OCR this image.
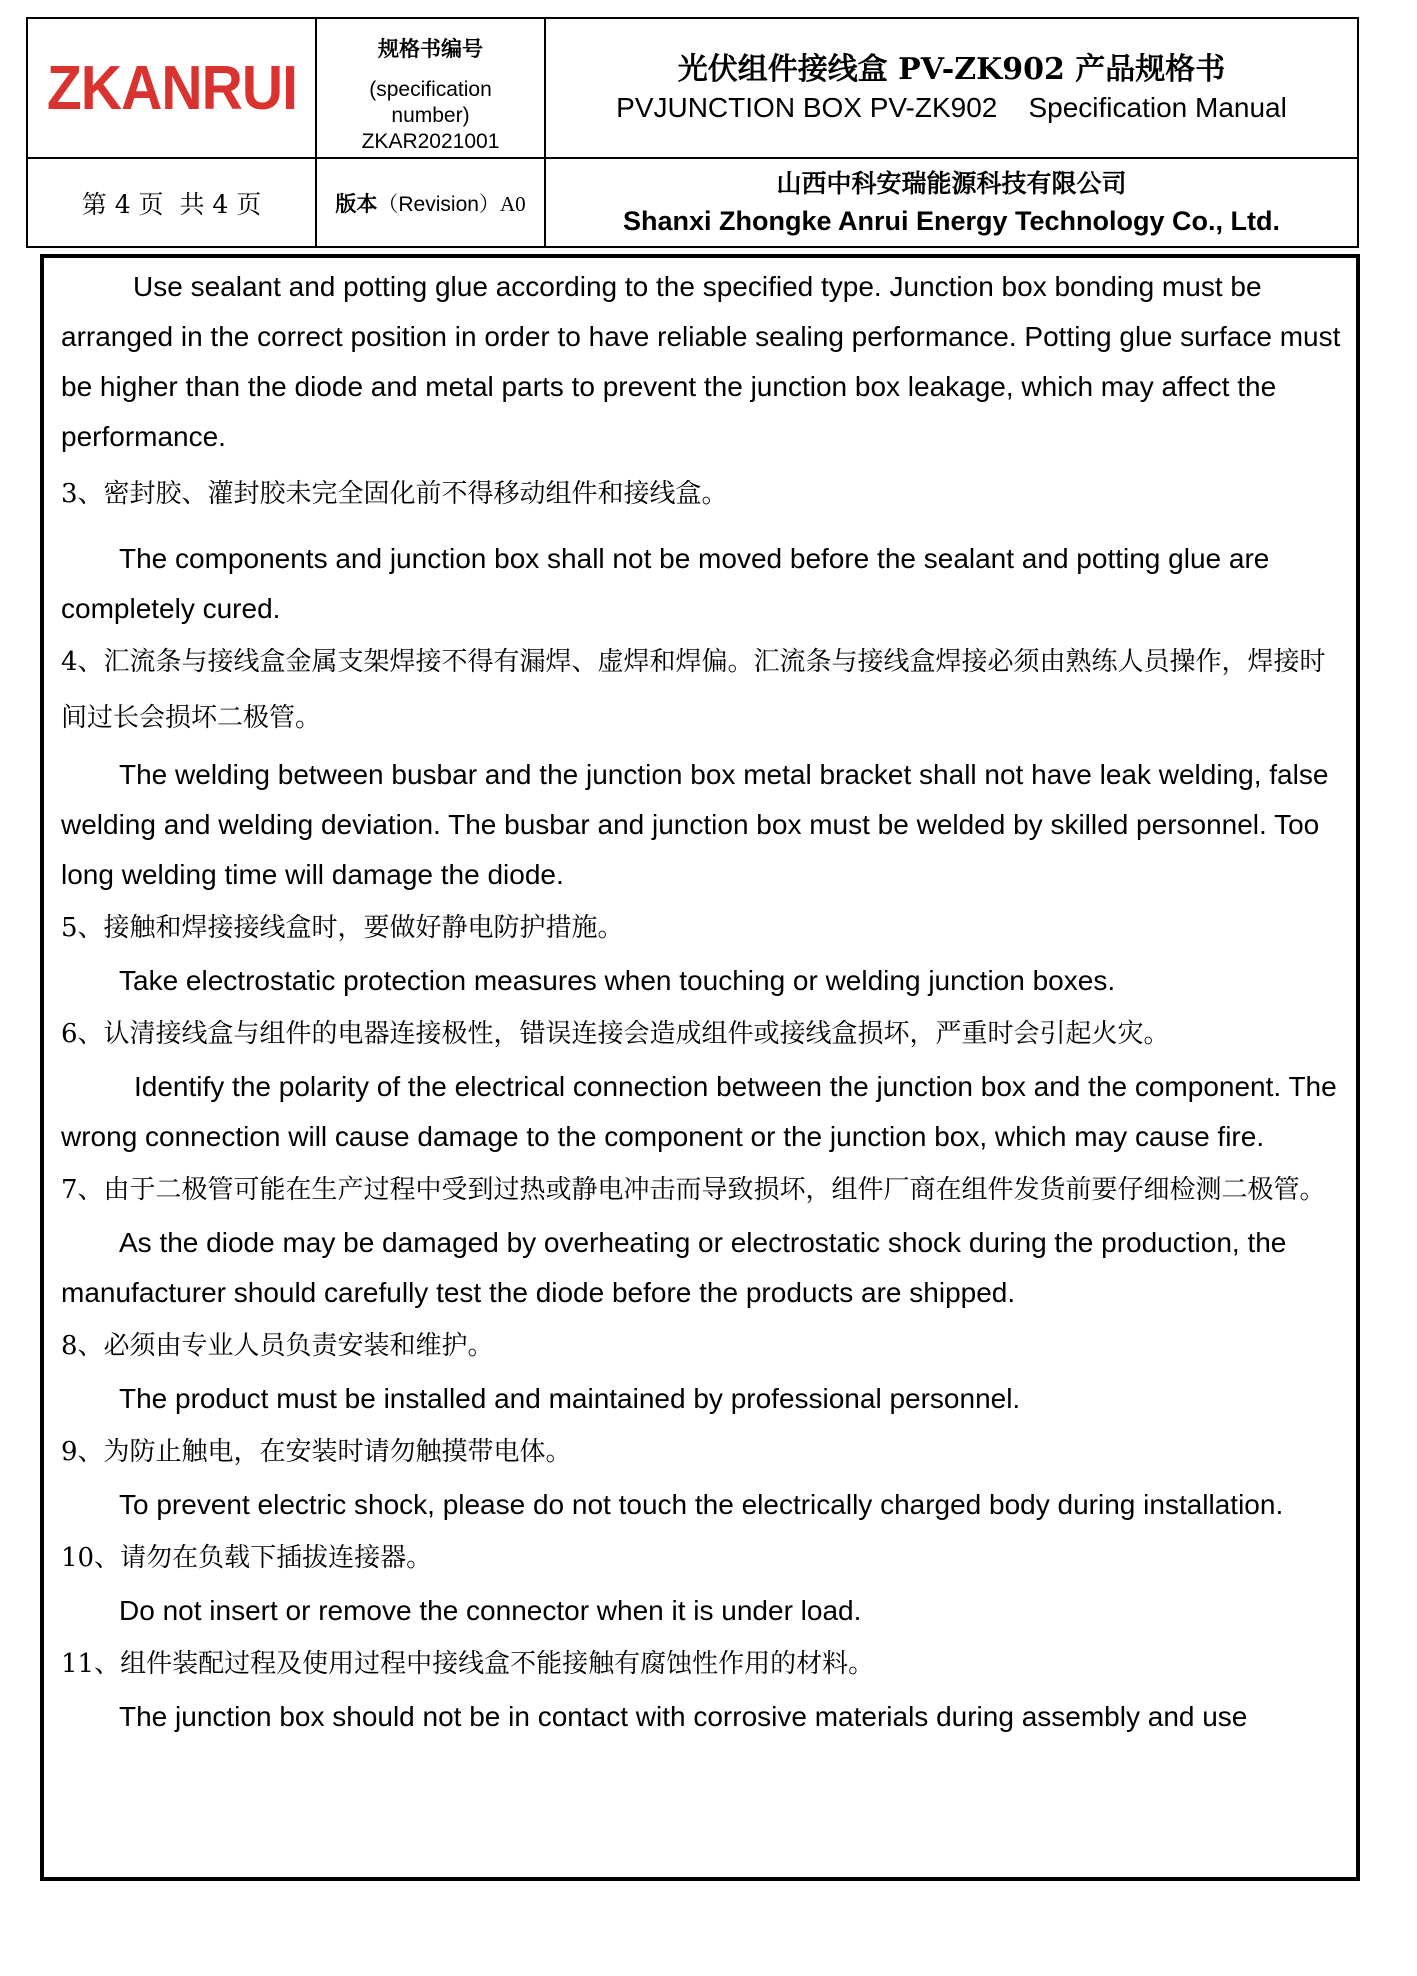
ZKANRUI
规格书编号
(specification
number)
ZKAR2021001
光伏组件接线盒 PV-ZK902 产品规格书
PVJUNCTION BOX PV-ZK902    Specification Manual
第 4 页  共 4 页	版本（Revision）A0
山西中科安瑞能源科技有限公司
Shanxi Zhongke Anrui Energy Technology Co., Ltd.

Use sealant and potting glue according to the specified type. Junction box bonding must be arranged in the correct position in order to have reliable sealing performance. Potting glue surface must be higher than the diode and metal parts to prevent the junction box leakage, which may affect the performance.

3、密封胶、灌封胶未完全固化前不得移动组件和接线盒。

The components and junction box shall not be moved before the sealant and potting glue are completely cured.

4、汇流条与接线盒金属支架焊接不得有漏焊、虚焊和焊偏。汇流条与接线盒焊接必须由熟练人员操作，焊接时间过长会损坏二极管。

The welding between busbar and the junction box metal bracket shall not have leak welding, false welding and welding deviation. The busbar and junction box must be welded by skilled personnel. Too long welding time will damage the diode.

5、接触和焊接接线盒时，要做好静电防护措施。

Take electrostatic protection measures when touching or welding junction boxes.

6、认清接线盒与组件的电器连接极性，错误连接会造成组件或接线盒损坏，严重时会引起火灾。

Identify the polarity of the electrical connection between the junction box and the component. The wrong connection will cause damage to the component or the junction box, which may cause fire.

7、由于二极管可能在生产过程中受到过热或静电冲击而导致损坏，组件厂商在组件发货前要仔细检测二极管。

As the diode may be damaged by overheating or electrostatic shock during the production, the manufacturer should carefully test the diode before the products are shipped.

8、必须由专业人员负责安装和维护。

The product must be installed and maintained by professional personnel.

9、为防止触电，在安装时请勿触摸带电体。

To prevent electric shock, please do not touch the electrically charged body during installation.

10、请勿在负载下插拔连接器。

Do not insert or remove the connector when it is under load.

11、组件装配过程及使用过程中接线盒不能接触有腐蚀性作用的材料。

The junction box should not be in contact with corrosive materials during assembly and use
